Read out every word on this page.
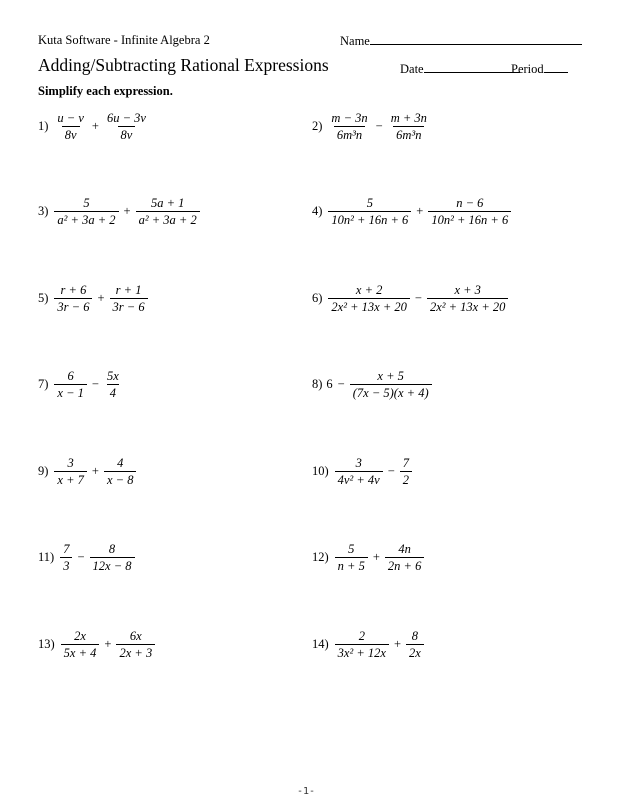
Kuta Software - Infinite Algebra 2	Name
Adding/Subtracting Rational Expressions	Date	Period
Simplify each expression.
$1) \frac{u - v}{8v} + \frac{6u - 3v}{8v}$	$2) \frac{m - 3n}{\text{6m³n}} - \frac{m + 3n}{\text{6m³n}}$
$3) \frac{5}{\text{a² + 3a + 2}} + \frac{5a + 1}{\text{a² + 3a + 2}}$	$4) \frac{5}{\text{10n² + 16n + 6}} + \frac{n - 6}{\text{10n² + 16n + 6}}$
$5) \frac{r + 6}{3r - 6} + \frac{r + 1}{3r - 6}$	$6) \frac{x + 2}{\text{2x² + 13x + 20}} - \frac{x + 3}{\text{2x² + 13x + 20}}$
$7) \frac{6}{x - 1} - \frac{5x}{4}$	8) $6 - \frac{x + 5}{(7x - 5)(x + 4)}$
$9) \frac{3}{x + 7} + \frac{4}{x - 8}$	$10) \frac{3}{\text{4v² + 4v}} - \frac{7}{2}$
$11) \frac{7}{3} - \frac{8}{12x - 8}$	$12) \frac{5}{n + 5} + \frac{4n}{2n + 6}$
$13) \frac{2x}{5x + 4} + \frac{6x}{2x + 3}$	$14) \frac{2}{\text{3x² + 12x}} + \frac{8}{2x}$
-1-
